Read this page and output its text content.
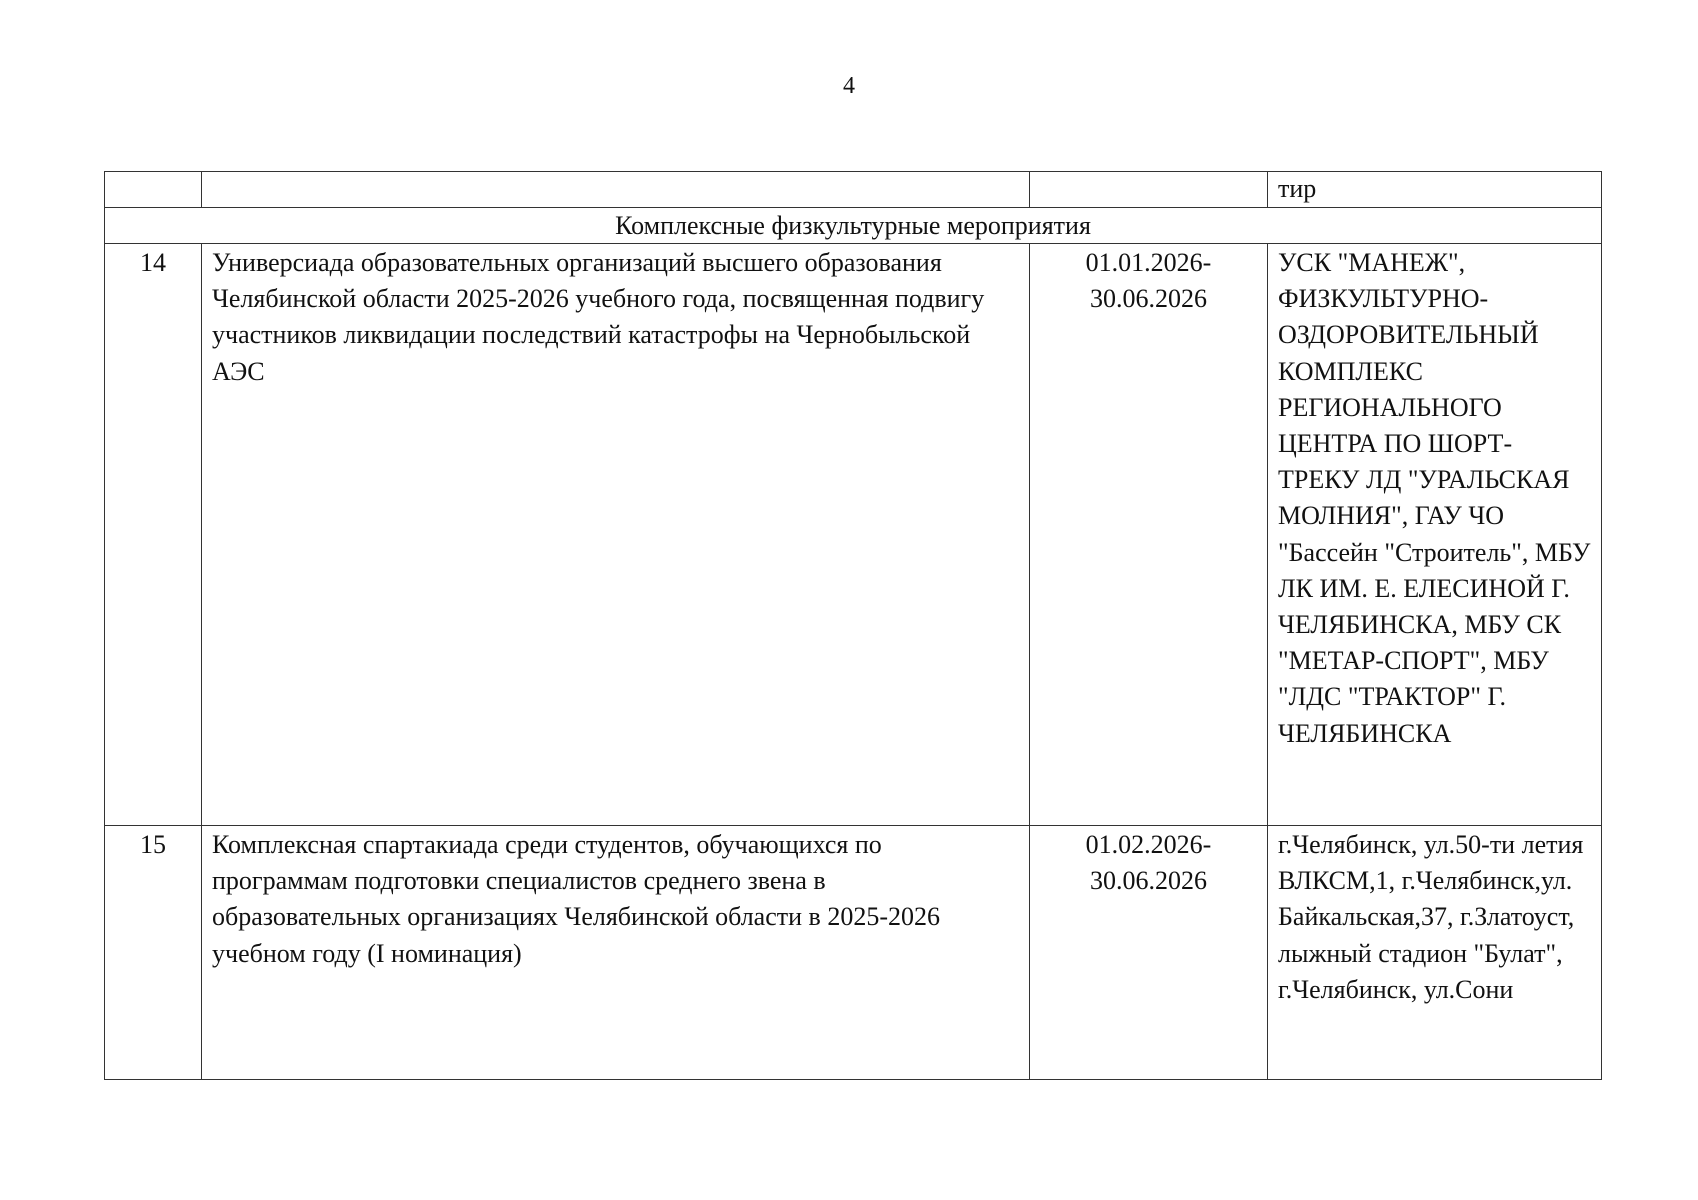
4

			тир

Комплексные физкультурные мероприятия			

14	Универсиада образовательных организаций высшего образования Челябинской области 2025-2026 учебного года, посвященная подвигу участников ликвидации последствий катастрофы на Чернобыльской АЭС	01.01.2026-30.06.2026	УСК "МАНЕЖ", ФИЗКУЛЬТУРНО-ОЗДОРОВИТЕЛЬНЫЙ КОМПЛЕКС РЕГИОНАЛЬНОГО ЦЕНТРА ПО ШОРТ-ТРЕКУ ЛД "УРАЛЬСКАЯ МОЛНИЯ", ГАУ ЧО "Бассейн "Строитель", МБУ ЛК ИМ. Е. ЕЛЕСИНОЙ Г. ЧЕЛЯБИНСКА, МБУ СК "МЕТАР-СПОРТ", МБУ "ЛДС "ТРАКТОР" Г. ЧЕЛЯБИНСКА

15	Комплексная спартакиада среди студентов, обучающихся по программам подготовки специалистов среднего звена в образовательных организациях Челябинской области в 2025-2026 учебном году (I номинация)	01.02.2026-30.06.2026	г.Челябинск, ул.50-ти летия ВЛКСМ,1, г.Челябинск,ул. Байкальская,37, г.Златоуст, лыжный стадион "Булат", г.Челябинск, ул.Сони
